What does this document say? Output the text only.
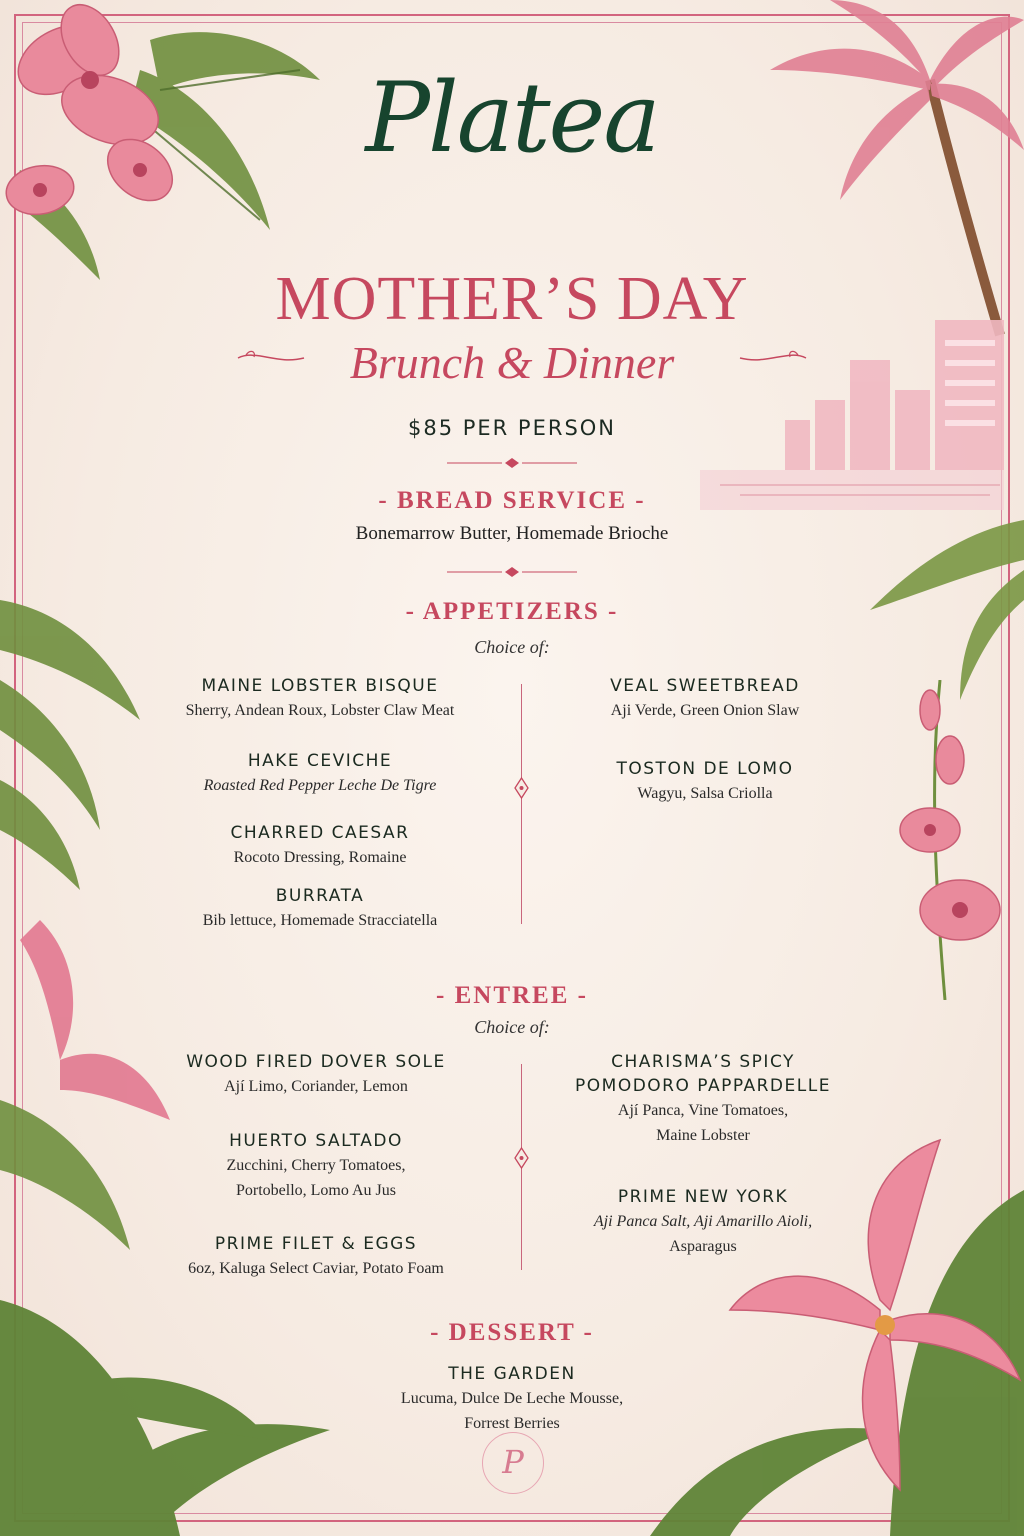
Platea
MOTHER’S DAY
Brunch & Dinner
$85 PER PERSON
- BREAD SERVICE -
Bonemarrow Butter, Homemade Brioche
- APPETIZERS -
Choice of:
MAINE LOBSTER BISQUE
Sherry, Andean Roux, Lobster Claw Meat
HAKE CEVICHE
Roasted Red Pepper Leche De Tigre
CHARRED CAESAR
Rocoto Dressing, Romaine
BURRATA
Bib lettuce, Homemade Stracciatella
VEAL SWEETBREAD
Aji Verde, Green Onion Slaw
TOSTON DE LOMO
Wagyu, Salsa Criolla
- ENTREE -
Choice of:
WOOD FIRED DOVER SOLE
Ají Limo, Coriander, Lemon
HUERTO SALTADO
Zucchini, Cherry Tomatoes,
Portobello, Lomo Au Jus
PRIME FILET & EGGS
6oz, Kaluga Select Caviar, Potato Foam
CHARISMA’S SPICY
POMODORO PAPPARDELLE
Ají Panca, Vine Tomatoes,
Maine Lobster
PRIME NEW YORK
Aji Panca Salt, Aji Amarillo Aioli,
Asparagus
- DESSERT -
THE GARDEN
Lucuma, Dulce De Leche Mousse,
Forrest Berries
P
